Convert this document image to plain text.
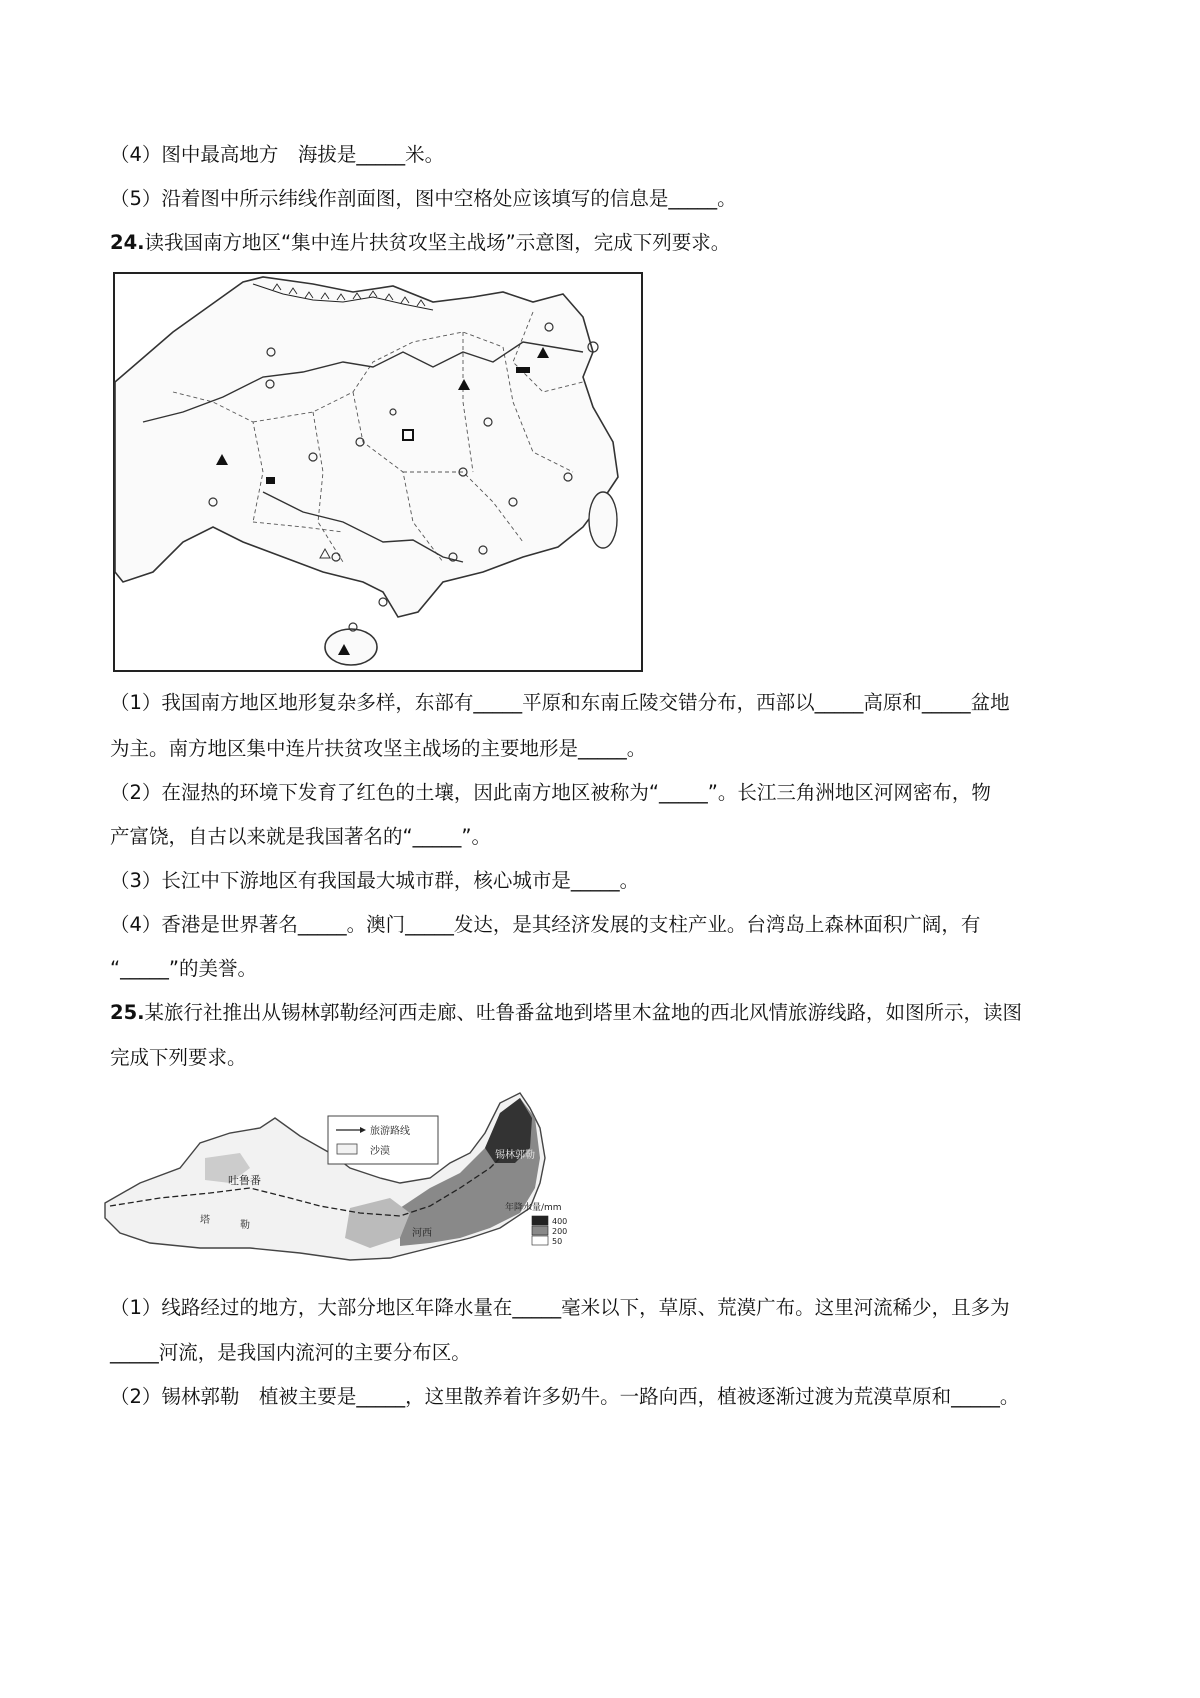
（4）图中最高地方　海拔是_____米。
（5）沿着图中所示纬线作剖面图，图中空格处应该填写的信息是_____。
24.读我国南方地区“集中连片扶贫攻坚主战场”示意图，完成下列要求。
（1）我国南方地区地形复杂多样，东部有_____平原和东南丘陵交错分布，西部以_____高原和_____盆地
为主。南方地区集中连片扶贫攻坚主战场的主要地形是_____。
（2）在湿热的环境下发育了红色的土壤，因此南方地区被称为“_____”。长江三角洲地区河网密布，物
产富饶，自古以来就是我国著名的“_____”。
（3）长江中下游地区有我国最大城市群，核心城市是_____。
（4）香港是世界著名_____。澳门_____发达，是其经济发展的支柱产业。台湾岛上森林面积广阔，有
“_____”的美誉。
25.某旅行社推出从锡林郭勒经河西走廊、吐鲁番盆地到塔里木盆地的西北风情旅游线路，如图所示，读图
完成下列要求。
旅游路线
沙漠
吐鲁番
塔	勒
锡林郭勒
河西
年降水量/mm
400
200
50
（1）线路经过的地方，大部分地区年降水量在_____毫米以下，草原、荒漠广布。这里河流稀少，且多为
_____河流，是我国内流河的主要分布区。
（2）锡林郭勒　植被主要是_____，这里散养着许多奶牛。一路向西，植被逐渐过渡为荒漠草原和_____。
